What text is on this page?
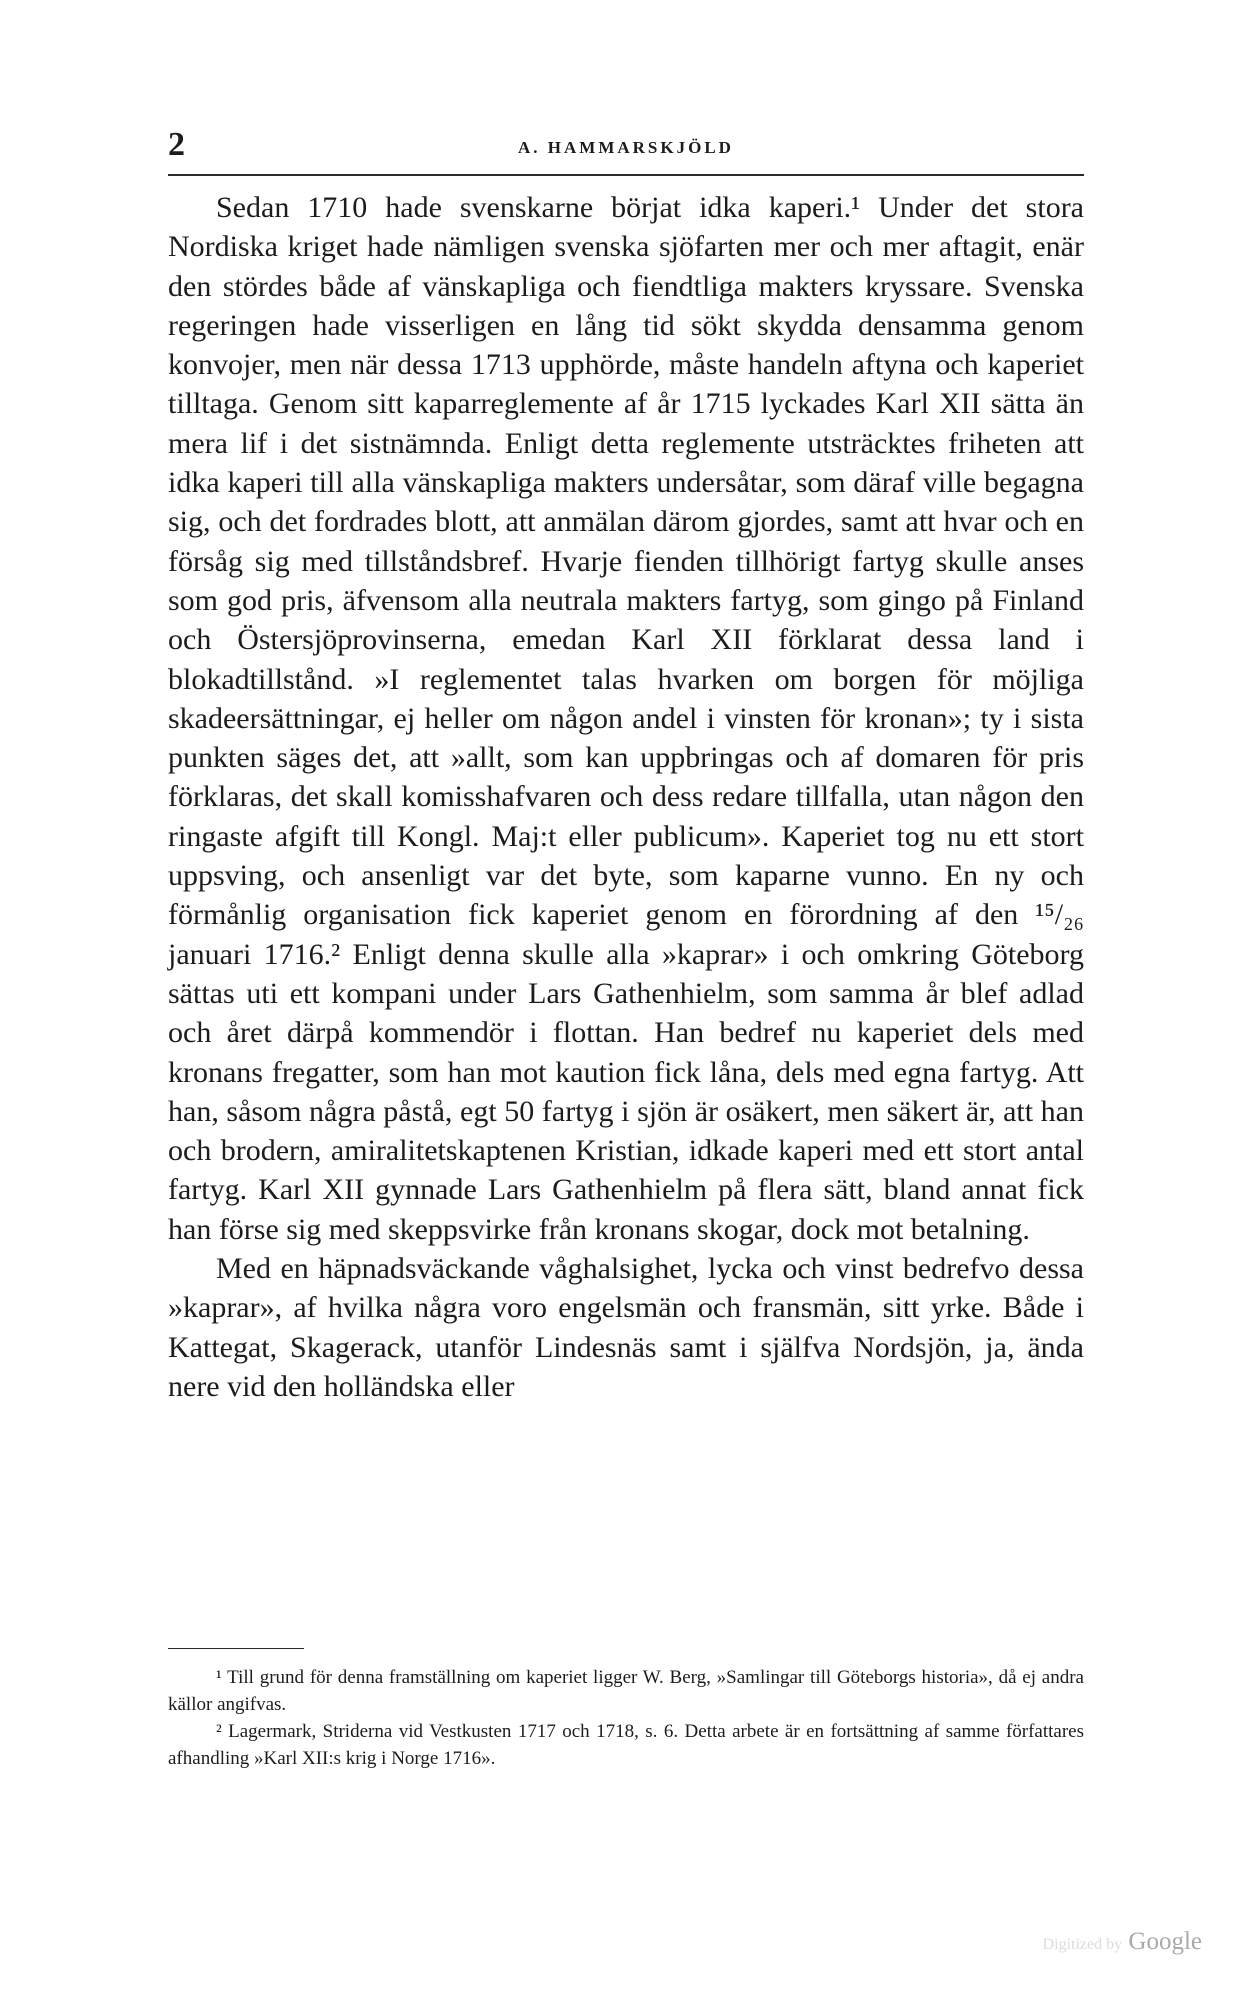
2	A. HAMMARSKJÖLD

Sedan 1710 hade svenskarne börjat idka kaperi.¹ Under det stora Nordiska kriget hade nämligen svenska sjöfarten mer och mer aftagit, enär den stördes både af vänskapliga och fiendtliga makters kryssare. Svenska regeringen hade visserligen en lång tid sökt skydda densamma genom konvojer, men när dessa 1713 upphörde, måste handeln aftyna och kaperiet tilltaga. Genom sitt kaparreglemente af år 1715 lyckades Karl XII sätta än mera lif i det sistnämnda. Enligt detta reglemente utsträcktes friheten att idka kaperi till alla vänskapliga makters undersåtar, som däraf ville begagna sig, och det fordrades blott, att anmälan därom gjordes, samt att hvar och en försåg sig med tillståndsbref. Hvarje fienden tillhörigt fartyg skulle anses som god pris, äfvensom alla neutrala makters fartyg, som gingo på Finland och Östersjöprovinserna, emedan Karl XII förklarat dessa land i blokadtillstånd. »I reglementet talas hvarken om borgen för möjliga skadeersättningar, ej heller om någon andel i vinsten för kronan»; ty i sista punkten säges det, att »allt, som kan uppbringas och af domaren för pris förklaras, det skall komisshafvaren och dess redare tillfalla, utan någon den ringaste afgift till Kongl. Maj:t eller publicum». Kaperiet tog nu ett stort uppsving, och ansenligt var det byte, som kaparne vunno. En ny och förmånlig organisation fick kaperiet genom en förordning af den ¹⁵/₂₆ januari 1716.² Enligt denna skulle alla »kaprar» i och omkring Göteborg sättas uti ett kompani under Lars Gathenhielm, som samma år blef adlad och året därpå kommendör i flottan. Han bedref nu kaperiet dels med kronans fregatter, som han mot kaution fick låna, dels med egna fartyg. Att han, såsom några påstå, egt 50 fartyg i sjön är osäkert, men säkert är, att han och brodern, amiralitetskaptenen Kristian, idkade kaperi med ett stort antal fartyg. Karl XII gynnade Lars Gathenhielm på flera sätt, bland annat fick han förse sig med skeppsvirke från kronans skogar, dock mot betalning.

Med en häpnadsväckande våghalsighet, lycka och vinst bedrefvo dessa »kaprar», af hvilka några voro engelsmän och fransmän, sitt yrke. Både i Kattegat, Skagerack, utanför Lindesnäs samt i själfva Nordsjön, ja, ända nere vid den holländska eller

¹ Till grund för denna framställning om kaperiet ligger W. Berg, »Samlingar till Göteborgs historia», då ej andra källor angifvas.

² Lagermark, Striderna vid Vestkusten 1717 och 1718, s. 6. Detta arbete är en fortsättning af samme författares afhandling »Karl XII:s krig i Norge 1716».

Digitized by Google
